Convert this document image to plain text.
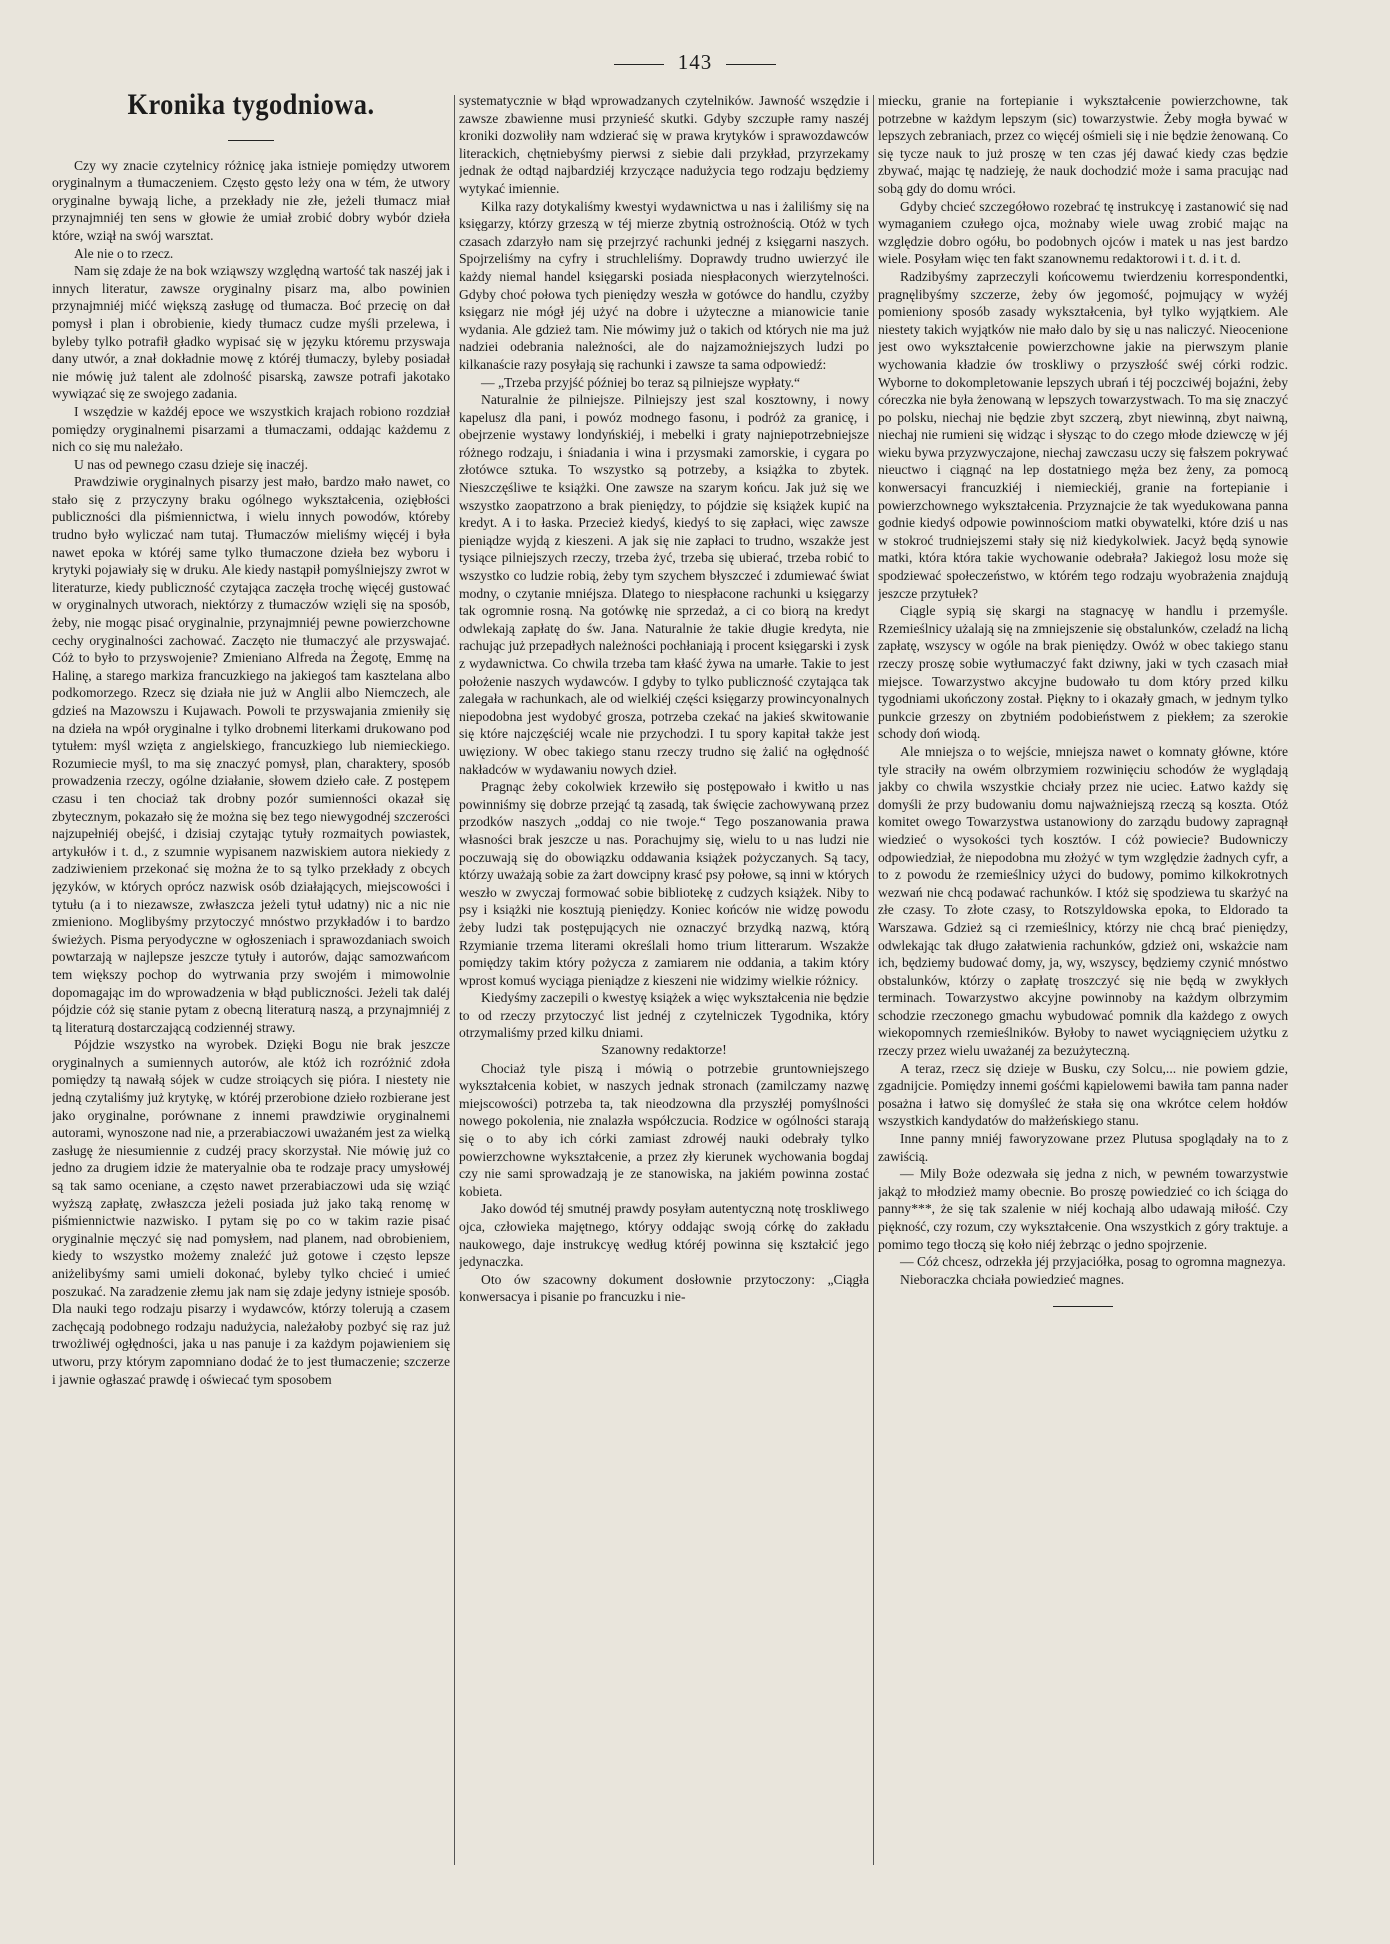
143
Kronika tygodniowa.

Czy wy znacie czytelnicy różnicę jaka istnieje pomiędzy utworem oryginalnym a tłumaczeniem. Często gęsto leży ona w tém, że utwory oryginalne bywają liche, a przekłady nie złe, jeżeli tłumacz miał przynajmniéj ten sens w głowie że umiał zrobić dobry wybór dzieła które, wziął na swój warsztat.

Ale nie o to rzecz.

Nam się zdaje że na bok wziąwszy względną wartość tak naszéj jak i innych literatur, zawsze oryginalny pisarz ma, albo powinien przynajmniéj mićć większą zasługę od tłumacza. Boć przecię on dał pomysł i plan i obrobienie, kiedy tłumacz cudze myśli przelewa, i byleby tylko potrafił gładko wypisać się w języku któremu przyswaja dany utwór, a znał dokładnie mowę z któréj tłumaczy, byleby posiadał nie mówię już talent ale zdolność pisarską, zawsze potrafi jakotako wywiązać się ze swojego zadania.

I wszędzie w każdéj epoce we wszystkich krajach robiono rozdział pomiędzy oryginalnemi pisarzami a tłumaczami, oddając każdemu z nich co się mu należało.

U nas od pewnego czasu dzieje się inaczéj.

Prawdziwie oryginalnych pisarzy jest mało, bardzo mało nawet, co stało się z przyczyny braku ogólnego wykształcenia, oziębłości publiczności dla piśmiennictwa, i wielu innych powodów, któreby trudno było wyliczać nam tutaj. Tłumaczów mieliśmy więcéj i była nawet epoka w któréj same tylko tłumaczone dzieła bez wyboru i krytyki pojawiały się w druku. Ale kiedy nastąpił pomyślniejszy zwrot w literaturze, kiedy publiczność czytająca zaczęła trochę więcéj gustować w oryginalnych utworach, niektórzy z tłumaczów wzięli się na sposób, żeby, nie mogąc pisać oryginalnie, przynajmniéj pewne powierzchowne cechy oryginalności zachować. Zaczęto nie tłumaczyć ale przyswajać. Cóż to było to przyswojenie? Zmieniano Alfreda na Żegotę, Emmę na Halinę, a starego markiza francuzkiego na jakiegoś tam kasztelana albo podkomorzego. Rzecz się działa nie już w Anglii albo Niemczech, ale gdzieś na Mazowszu i Kujawach. Powoli te przyswajania zmieniły się na dzieła na wpół oryginalne i tylko drobnemi literkami drukowano pod tytułem: myśl wzięta z angielskiego, francuzkiego lub niemieckiego. Rozumiecie myśl, to ma się znaczyć pomysł, plan, charaktery, sposób prowadzenia rzeczy, ogólne działanie, słowem dzieło całe. Z postępem czasu i ten chociaż tak drobny pozór sumienności okazał się zbytecznym, pokazało się że można się bez tego niewygodnéj szczerości najzupełniéj obejść, i dzisiaj czytając tytuły rozmaitych powiastek, artykułów i t. d., z szumnie wypisanem nazwiskiem autora niekiedy z zadziwieniem przekonać się można że to są tylko przekłady z obcych języków, w których oprócz nazwisk osób działających, miejscowości i tytułu (a i to niezawsze, zwłaszcza jeżeli tytuł udatny) nic a nic nie zmieniono. Moglibyśmy przytoczyć mnóstwo przykładów i to bardzo świeżych. Pisma peryodyczne w ogłoszeniach i sprawozdaniach swoich powtarzają w najlepsze jeszcze tytuły i autorów, dając samozwańcom tem większy pochop do wytrwania przy swojém i mimowolnie dopomagając im do wprowadzenia w błąd publiczności. Jeżeli tak daléj pójdzie cóż się stanie pytam z obecną literaturą naszą, a przynajmniéj z tą literaturą dostarczającą codziennéj strawy.

Pójdzie wszystko na wyrobek. Dzięki Bogu nie brak jeszcze oryginalnych a sumiennych autorów, ale któż ich rozróżnić zdoła pomiędzy tą nawałą sójek w cudze stroiących się pióra. I niestety nie jedną czytaliśmy już krytykę, w któréj przerobione dzieło rozbierane jest jako oryginalne, porównane z innemi prawdziwie oryginalnemi autorami, wynoszone nad nie, a przerabiaczowi uważaném jest za wielką zasługę że niesumiennie z cudzéj pracy skorzystał. Nie mówię już co jedno za drugiem idzie że materyalnie oba te rodzaje pracy umysłowéj są tak samo oceniane, a często nawet przerabiaczowi uda się wziąć wyższą zapłatę, zwłaszcza jeżeli posiada już jako taką renomę w piśmiennictwie nazwisko. I pytam się po co w takim razie pisać oryginalnie męczyć się nad pomysłem, nad planem, nad obrobieniem, kiedy to wszystko możemy znaleźć już gotowe i często lepsze aniżelibyśmy sami umieli dokonać, byleby tylko chcieć i umieć poszukać. Na zaradzenie złemu jak nam się zdaje jedyny istnieje sposób. Dla nauki tego rodzaju pisarzy i wydawców, którzy tolerują a czasem zachęcają podobnego rodzaju nadużycia, należałoby pozbyć się raz już trwożliwéj ogłędności, jaka u nas panuje i za każdym pojawieniem się utworu, przy którym zapomniano dodać że to jest tłumaczenie; szczerze i jawnie ogłaszać prawdę i oświecać tym sposobem

systematycznie w błąd wprowadzanych czytelników. Jawność wszędzie i zawsze zbawienne musi przynieść skutki. Gdyby szczupłe ramy naszéj kroniki dozwoliły nam wdzierać się w prawa krytyków i sprawozdawców literackich, chętniebyśmy pierwsi z siebie dali przykład, przyrzekamy jednak że odtąd najbardziéj krzyczące nadużycia tego rodzaju będziemy wytykać imiennie.

Kilka razy dotykaliśmy kwestyi wydawnictwa u nas i żaliliśmy się na księgarzy, którzy grzeszą w téj mierze zbytnią ostrożnością. Otóż w tych czasach zdarzyło nam się przejrzyć rachunki jednéj z księgarni naszych. Spojrzeliśmy na cyfry i struchleliśmy. Doprawdy trudno uwierzyć ile każdy niemal handel księgarski posiada niespłaconych wierzytelności. Gdyby choć połowa tych pieniędzy weszła w gotówce do handlu, czyżby księgarz nie mógł jéj użyć na dobre i użyteczne a mianowicie tanie wydania. Ale gdzież tam. Nie mówimy już o takich od których nie ma już nadziei odebrania należności, ale do najzamożniejszych ludzi po kilkanaście razy posyłają się rachunki i zawsze ta sama odpowiedź:

— „Trzeba przyjść później bo teraz są pilniejsze wypłaty.“

Naturalnie że pilniejsze. Pilniejszy jest szal kosztowny, i nowy kapelusz dla pani, i powóz modnego fasonu, i podróż za granicę, i obejrzenie wystawy londyńskiéj, i mebelki i graty najniepotrzebniejsze różnego rodzaju, i śniadania i wina i przysmaki zamorskie, i cygara po złotówce sztuka. To wszystko są potrzeby, a książka to zbytek. Nieszczęśliwe te książki. One zawsze na szarym końcu. Jak już się we wszystko zaopatrzono a brak pieniędzy, to pójdzie się książek kupić na kredyt. A i to łaska. Przecież kiedyś, kiedyś to się zapłaci, więc zawsze pieniądze wyjdą z kieszeni. A jak się nie zapłaci to trudno, wszakże jest tysiące pilniejszych rzeczy, trzeba żyć, trzeba się ubierać, trzeba robić to wszystko co ludzie robią, żeby tym szychem błyszczeć i zdumiewać świat modny, o czytanie mniéjsza. Dlatego to niespłacone rachunki u księgarzy tak ogromnie rosną. Na gotówkę nie sprzedaż, a ci co biorą na kredyt odwlekają zapłatę do św. Jana. Naturalnie że takie długie kredyta, nie rachując już przepadłych należności pochłaniają i procent księgarski i zysk z wydawnictwa. Co chwila trzeba tam kłaść żywa na umarłe. Takie to jest położenie naszych wydawców. I gdyby to tylko publiczność czytająca tak zalegała w rachunkach, ale od wielkiéj części księgarzy prowincyonalnych niepodobna jest wydobyć grosza, potrzeba czekać na jakieś skwitowanie się które najczęściéj wcale nie przychodzi. I tu spory kapitał także jest uwięziony. W obec takiego stanu rzeczy trudno się żalić na ogłędność nakładców w wydawaniu nowych dzieł.

Pragnąc żeby cokolwiek krzewiło się postępowało i kwitło u nas powinniśmy się dobrze przejąć tą zasadą, tak święcie zachowywaną przez przodków naszych „oddaj co nie twoje.“ Tego poszanowania prawa własności brak jeszcze u nas. Porachujmy się, wielu to u nas ludzi nie poczuwają się do obowiązku oddawania książek pożyczanych. Są tacy, którzy uważają sobie za żart dowcipny krasć psy połowe, są inni w których weszło w zwyczaj formować sobie bibliotekę z cudzych książek. Niby to psy i książki nie kosztują pieniędzy. Koniec końców nie widzę powodu żeby ludzi tak postępujących nie oznaczyć brzydką nazwą, którą Rzymianie trzema literami określali homo trium litterarum. Wszakże pomiędzy takim który pożycza z zamiarem nie oddania, a takim który wprost komuś wyciąga pieniądze z kieszeni nie widzimy wielkie różnicy.

Kiedyśmy zaczepili o kwestyę książek a więc wykształcenia nie będzie to od rzeczy przytoczyć list jednéj z czytelniczek Tygodnika, który otrzymaliśmy przed kilku dniami.

Szanowny redaktorze!

Chociaż tyle piszą i mówią o potrzebie gruntowniejszego wykształcenia kobiet, w naszych jednak stronach (zamilczamy nazwę miejscowości) potrzeba ta, tak nieodzowna dla przyszłéj pomyślności nowego pokolenia, nie znalazła współczucia. Rodzice w ogólności starają się o to aby ich córki zamiast zdrowéj nauki odebrały tylko powierzchowne wykształcenie, a przez zły kierunek wychowania bogdaj czy nie sami sprowadzają je ze stanowiska, na jakiém powinna zostać kobieta.

Jako dowód téj smutnéj prawdy posyłam autentyczną notę troskliwego ojca, człowieka majętnego, któryy oddając swoją córkę do zakładu naukowego, daje instrukcyę według któréj powinna się kształcić jego jedynaczka.

Oto ów szacowny dokument dosłownie przytoczony: „Ciągła konwersacya i pisanie po francuzku i nie-

miecku, granie na fortepianie i wykształcenie powierzchowne, tak potrzebne w każdym lepszym (sic) towarzystwie. Żeby mogła bywać w lepszych zebraniach, przez co więcéj ośmieli się i nie będzie żenowaną. Co się tycze nauk to już proszę w ten czas jéj dawać kiedy czas będzie zbywać, mając tę nadzieję, że nauk dochodzić może i sama pracując nad sobą gdy do domu wróci.

Gdyby chcieć szczegółowo rozebrać tę instrukcyę i zastanowić się nad wymaganiem czułego ojca, możnaby wiele uwag zrobić mając na względzie dobro ogółu, bo podobnych ojców i matek u nas jest bardzo wiele. Posyłam więc ten fakt szanownemu redaktorowi i t. d. i t. d.

Radzibyśmy zaprzeczyli końcowemu twierdzeniu korrespondentki, pragnęlibyśmy szczerze, żeby ów jegomość, pojmujący w wyżéj pomieniony sposób zasady wykształcenia, był tylko wyjątkiem. Ale niestety takich wyjątków nie mało dalo by się u nas naliczyć. Nieocenione jest owo wykształcenie powierzchowne jakie na pierwszym planie wychowania kładzie ów troskliwy o przyszłość swéj córki rodzic. Wyborne to dokompletowanie lepszych ubrań i téj poczciwéj bojaźni, żeby córeczka nie była żenowaną w lepszych towarzystwach. To ma się znaczyć po polsku, niechaj nie będzie zbyt szczerą, zbyt niewinną, zbyt naiwną, niechaj nie rumieni się widząc i słysząc to do czego młode dziewczę w jéj wieku bywa przyzwyczajone, niechaj zawczasu uczy się fałszem pokrywać nieuctwo i ciągnąć na lep dostatniego męża bez żeny, za pomocą konwersacyi francuzkiéj i niemieckiéj, granie na fortepianie i powierzchownego wykształcenia. Przyznajcie że tak wyedukowana panna godnie kiedyś odpowie powinnościom matki obywatelki, które dziś u nas w stokroć trudniejszemi stały się niż kiedykolwiek. Jacyż będą synowie matki, która która takie wychowanie odebrała? Jakiegoż losu może się spodziewać społeczeństwo, w którém tego rodzaju wyobrażenia znajdują jeszcze przytułek?

Ciągle sypią się skargi na stagnacyę w handlu i przemyśle. Rzemieślnicy użalają się na zmniejszenie się obstalunków, czeladź na lichą zapłatę, wszyscy w ogóle na brak pieniędzy. Owóż w obec takiego stanu rzeczy proszę sobie wytłumaczyć fakt dziwny, jaki w tych czasach miał miejsce. Towarzystwo akcyjne budowało tu dom który przed kilku tygodniami ukończony został. Piękny to i okazały gmach, w jednym tylko punkcie grzeszy on zbytniém podobieństwem z piekłem; za szerokie schody doń wiodą.

Ale mniejsza o to wejście, mniejsza nawet o komnaty główne, które tyle straciły na owém olbrzymiem rozwinięciu schodów że wyglądają jakby co chwila wszystkie chciały przez nie uciec. Łatwo każdy się domyśli że przy budowaniu domu najważniejszą rzeczą są koszta. Otóż komitet owego Towarzystwa ustanowiony do zarządu budowy zapragnął wiedzieć o wysokości tych kosztów. I cóż powiecie? Budowniczy odpowiedział, że niepodobna mu złożyć w tym względzie żadnych cyfr, a to z powodu że rzemieślnicy użyci do budowy, pomimo kilkokrotnych wezwań nie chcą podawać rachunków. I któż się spodziewa tu skarżyć na złe czasy. To złote czasy, to Rotszyldowska epoka, to Eldorado ta Warszawa. Gdzież są ci rzemieślnicy, którzy nie chcą brać pieniędzy, odwlekając tak długo załatwienia rachunków, gdzież oni, wskażcie nam ich, będziemy budować domy, ja, wy, wszyscy, będziemy czynić mnóstwo obstalunków, którzy o zapłatę troszczyć się nie będą w zwykłych terminach. Towarzystwo akcyjne powinnoby na każdym olbrzymim schodzie rzeczonego gmachu wybudować pomnik dla każdego z owych wiekopomnych rzemieślników. Byłoby to nawet wyciągnięciem użytku z rzeczy przez wielu uważanéj za bezużyteczną.

A teraz, rzecz się dzieje w Busku, czy Solcu,... nie powiem gdzie, zgadnijcie. Pomiędzy innemi gośćmi kąpielowemi bawiła tam panna nader posażna i łatwo się domyśleć że stała się ona wkrótce celem hołdów wszystkich kandydatów do małżeńskiego stanu.

Inne panny mniéj faworyzowane przez Plutusa spoglądały na to z zawiścią.

— Mily Boże odezwała się jedna z nich, w pewném towarzystwie jakąż to młodzież mamy obecnie. Bo proszę powiedzieć co ich ściąga do panny***, że się tak szalenie w niéj kochają albo udawają miłość. Czy piękność, czy rozum, czy wykształcenie. Ona wszystkich z góry traktuje. a pomimo tego tłoczą się koło niéj żebrząc o jedno spojrzenie.

— Cóż chcesz, odrzekła jéj przyjaciółka, posag to ogromna magnezya.

Nieboraczka chciała powiedzieć magnes.
